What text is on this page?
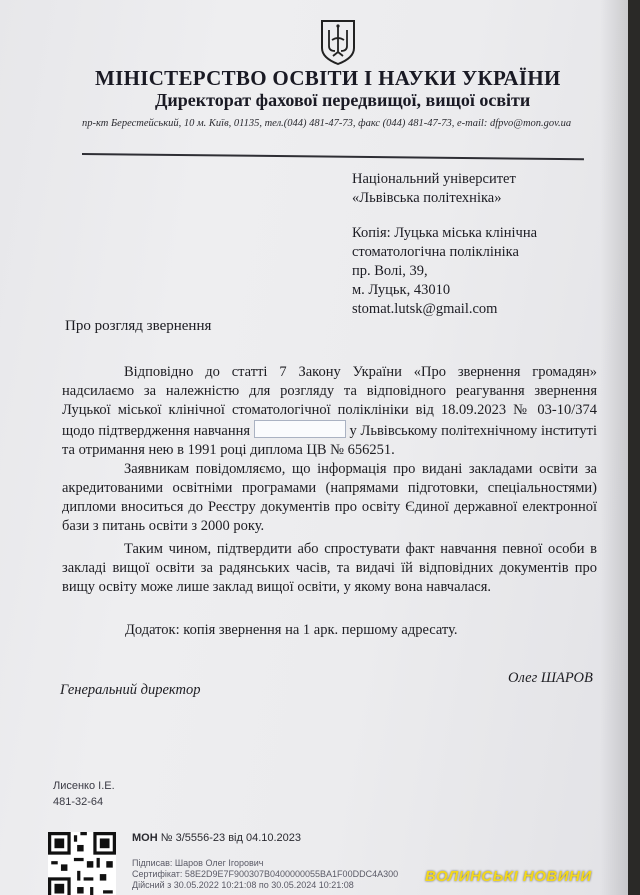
МІНІСТЕРСТВО ОСВІТИ І НАУКИ УКРАЇНИ
Директорат фахової передвищої, вищої освіти
пр-кт Берестейський, 10 м. Київ, 01135, тел.(044) 481-47-73, факс (044) 481-47-73, e-mail: dfpvo@mon.gov.ua
Національний університет
«Львівська політехніка»
Копія: Луцька міська клінічна
стоматологічна поліклініка
пр. Волі, 39,
м. Луцьк, 43010
stomat.lutsk@gmail.com
Про розгляд звернення

Відповідно до статті 7 Закону України «Про звернення громадян» надсилаємо за належністю для розгляду та відповідного реагування звернення Луцької міської клінічної стоматологічної поліклініки від 18.09.2023 № 03-10/374 щодо підтвердження навчання	у Львівському політехнічному інституті та отримання нею в 1991 році диплома ЦВ № 656251.

Заявникам повідомляємо, що інформація про видані закладами освіти за акредитованими освітніми програмами (напрямами підготовки, спеціальностями) дипломи вноситься до Реєстру документів про освіту Єдиної державної електронної бази з питань освіти з 2000 року.

Таким чином, підтвердити або спростувати факт навчання певної особи в закладі вищої освіти за радянських часів, та видачі їй відповідних документів про вищу освіту може лише заклад вищої освіти, у якому вона навчалася.

Додаток: копія звернення на 1 арк. першому адресату.
Олег ШАРОВ
Генеральний директор
Лисенко І.Е.
481-32-64
МОН № 3/5556-23 від 04.10.2023
Підписав: Шаров Олег Ігорович
Сертифікат: 58E2D9E7F900307B0400000055BA1F00DDC4A300
Дійсний з 30.05.2022 10:21:08 по 30.05.2024 10:21:08	ВОЛИНСЬКІ НОВИНИ
